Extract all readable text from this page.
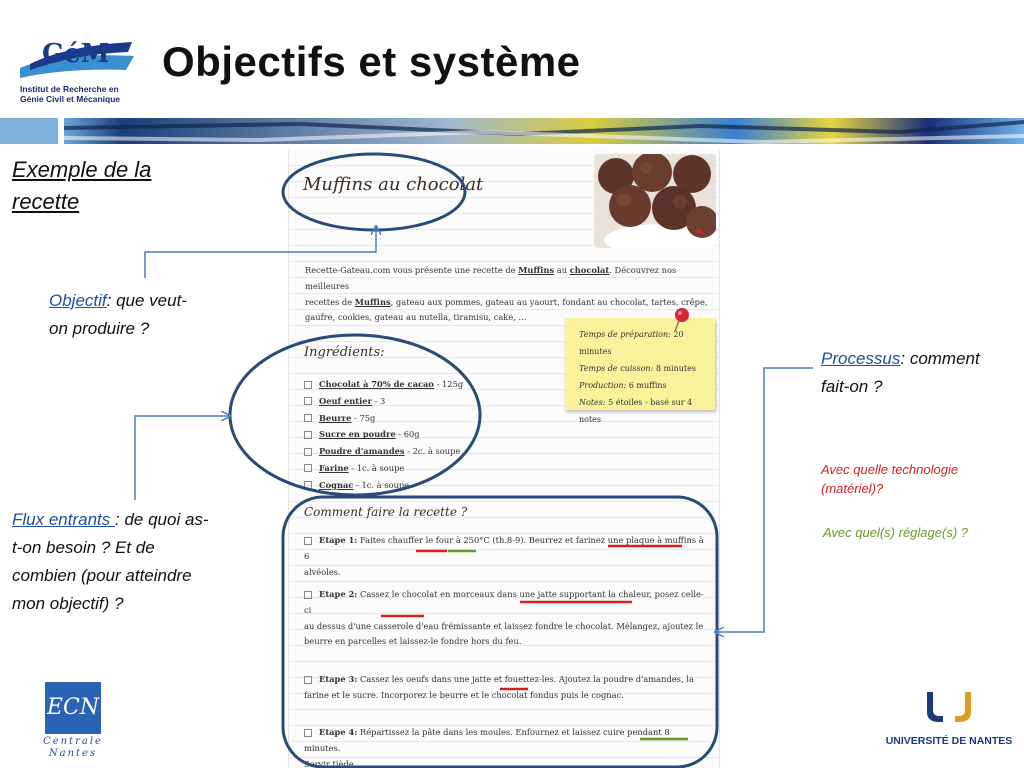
GéM
Institut de Recherche en
Génie Civil et Mécanique
Objectifs et système
Exemple de la
recette
Objectif: que veut-
on produire ?
Flux entrants : de quoi as-
t-on besoin ? Et de
combien (pour atteindre
mon objectif) ?
Processus: comment
fait-on ?
Avec quelle technologie
(matériel)?
Avec quel(s) réglage(s) ?
Muffins au chocolat
Recette-Gateau.com vous présente une recette de Muffins au chocolat. Découvrez nos meilleures
recettes de Muffins, gateau aux pommes, gateau au yaourt, fondant au chocolat, tartes, crêpe,
gaufre, cookies, gateau au nutella, tiramisu, cake, ...
Temps de préparation: 20 minutes
Temps de cuisson: 8 minutes
Production: 6 muffins
Notes: 5 étoiles - basé sur 4 notes
Ingrédients:
Chocolat à 70% de cacao - 125g
Oeuf entier - 3
Beurre - 75g
Sucre en poudre - 60g
Poudre d'amandes - 2c. à soupe
Farine - 1c. à soupe
Cognac - 1c. à soupe
Comment faire la recette ?
Etape 1: Faites chauffer le four à 250°C (th.8-9). Beurrez et farinez une plaque à muffins à 6
alvéoles.
Etape 2: Cassez le chocolat en morceaux dans une jatte supportant la chaleur, posez celle-ci
au dessus d'une casserole d'eau frémissante et laissez fondre le chocolat. Mélangez, ajoutez le
beurre en parcelles et laissez-le fondre hors du feu.
Etape 3: Cassez les oeufs dans une jatte et fouettez-les. Ajoutez la poudre d'amandes, la
farine et le sucre. Incorporez le beurre et le chocolat fondus puis le cognac.
Etape 4: Répartissez la pâte dans les moules. Enfournez et laissez cuire pendant 8 minutes.
Servir tiède.
ECN
Centrale
Nantes
UNIVERSITÉ DE NANTES
